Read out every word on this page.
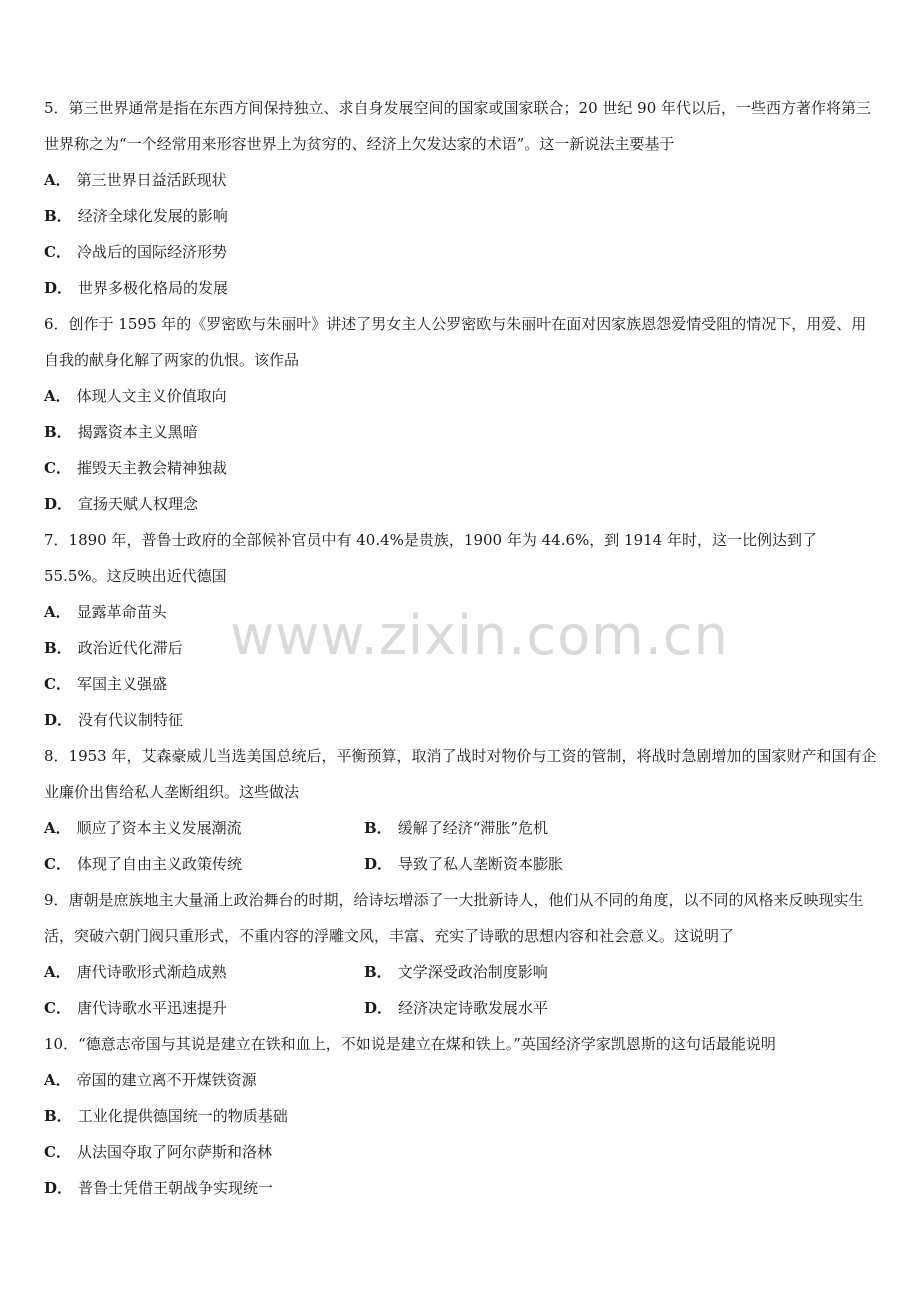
5．第三世界通常是指在东西方间保持独立、求自身发展空间的国家或国家联合；20 世纪 90 年代以后，一些西方著作将第三世界称之为“一个经常用来形容世界上为贫穷的、经济上欠发达家的术语”。这一新说法主要基于

A． 第三世界日益活跃现状

B． 经济全球化发展的影响

C． 冷战后的国际经济形势

D． 世界多极化格局的发展

6．创作于 1595 年的《罗密欧与朱丽叶》讲述了男女主人公罗密欧与朱丽叶在面对因家族恩怨爱情受阻的情况下，用爱、用自我的献身化解了两家的仇恨。该作品

A． 体现人文主义价值取向

B． 揭露资本主义黑暗

C． 摧毁天主教会精神独裁

D． 宣扬天赋人权理念

7．1890 年，普鲁士政府的全部候补官员中有 40.4%是贵族，1900 年为 44.6%，到 1914 年时，这一比例达到了 55.5%。这反映出近代德国

A． 显露革命苗头

B． 政治近代化滞后

C． 军国主义强盛

D． 没有代议制特征

8．1953 年，艾森豪威儿当选美国总统后，平衡预算，取消了战时对物价与工资的管制，将战时急剧增加的国家财产和国有企业廉价出售给私人垄断组织。这些做法

A． 顺应了资本主义发展潮流	B． 缓解了经济“滞胀”危机

C． 体现了自由主义政策传统	D． 导致了私人垄断资本膨胀

9．唐朝是庶族地主大量涌上政治舞台的时期，给诗坛增添了一大批新诗人，他们从不同的角度，以不同的风格来反映现实生活，突破六朝门阀只重形式，不重内容的浮雕文风，丰富、充实了诗歌的思想内容和社会意义。这说明了

A． 唐代诗歌形式渐趋成熟	B． 文学深受政治制度影响

C． 唐代诗歌水平迅速提升	D． 经济决定诗歌发展水平

10．“德意志帝国与其说是建立在铁和血上，不如说是建立在煤和铁上。”英国经济学家凯恩斯的这句话最能说明

A． 帝国的建立离不开煤铁资源

B． 工业化提供德国统一的物质基础

C． 从法国夺取了阿尔萨斯和洛林

D． 普鲁士凭借王朝战争实现统一

www.zixin.com.cn
